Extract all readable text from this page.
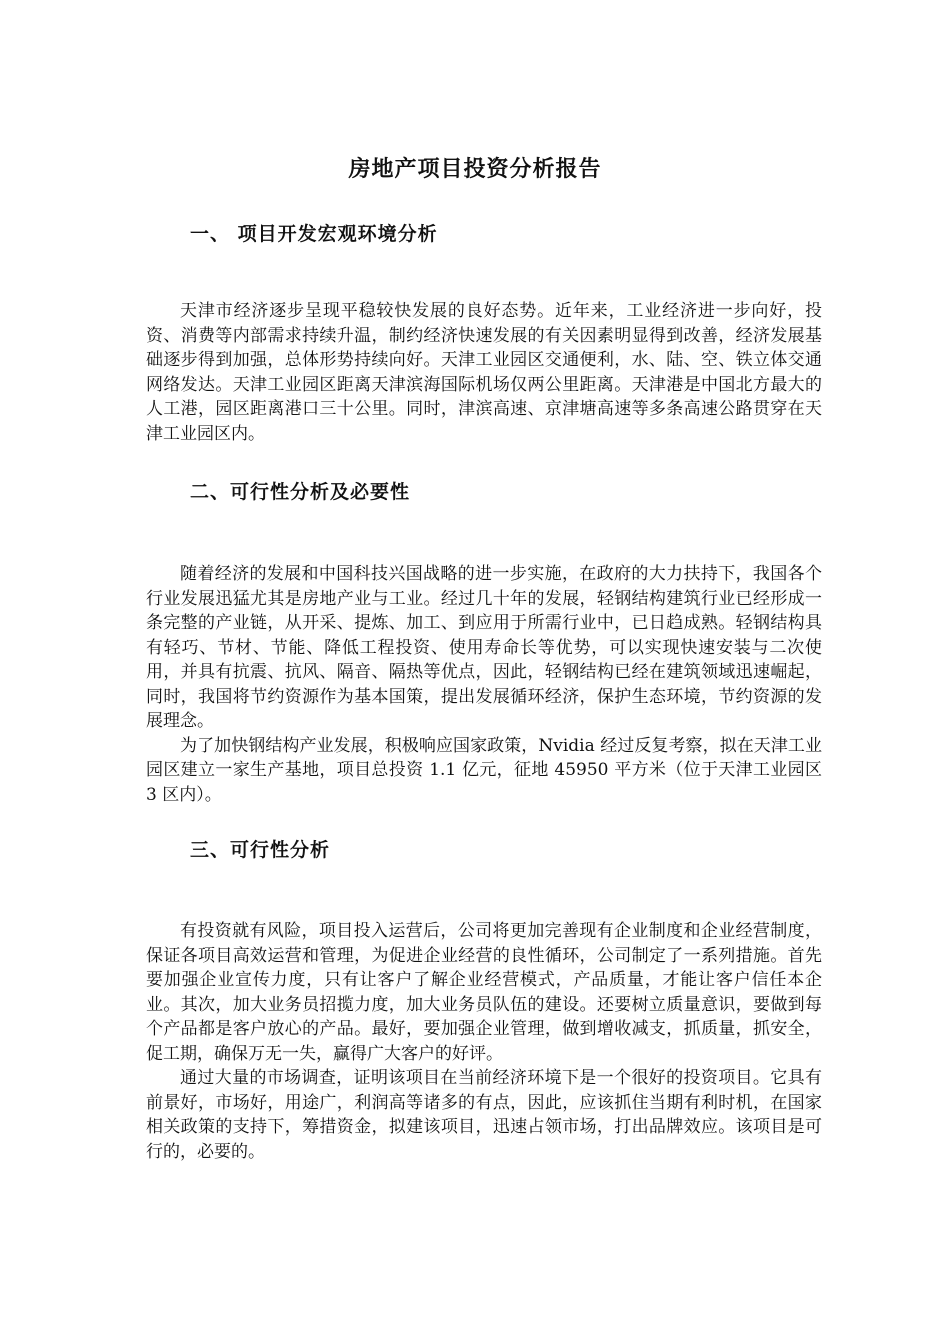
房地产项目投资分析报告
一、 项目开发宏观环境分析

天津市经济逐步呈现平稳较快发展的良好态势。近年来，工业经济进一步向好，投资、消费等内部需求持续升温，制约经济快速发展的有关因素明显得到改善，经济发展基础逐步得到加强，总体形势持续向好。天津工业园区交通便利，水、陆、空、铁立体交通网络发达。天津工业园区距离天津滨海国际机场仅两公里距离。天津港是中国北方最大的人工港，园区距离港口三十公里。同时，津滨高速、京津塘高速等多条高速公路贯穿在天津工业园区内。

二、可行性分析及必要性

随着经济的发展和中国科技兴国战略的进一步实施，在政府的大力扶持下，我国各个行业发展迅猛尤其是房地产业与工业。经过几十年的发展，轻钢结构建筑行业已经形成一条完整的产业链，从开采、提炼、加工、到应用于所需行业中，已日趋成熟。轻钢结构具有轻巧、节材、节能、降低工程投资、使用寿命长等优势，可以实现快速安装与二次使用，并具有抗震、抗风、隔音、隔热等优点，因此，轻钢结构已经在建筑领域迅速崛起，同时，我国将节约资源作为基本国策，提出发展循环经济，保护生态环境，节约资源的发展理念。

为了加快钢结构产业发展，积极响应国家政策，Nvidia 经过反复考察，拟在天津工业园区建立一家生产基地，项目总投资 1.1 亿元，征地 45950 平方米（位于天津工业园区 3 区内）。

三、可行性分析

有投资就有风险，项目投入运营后，公司将更加完善现有企业制度和企业经营制度，保证各项目高效运营和管理，为促进企业经营的良性循环，公司制定了一系列措施。首先要加强企业宣传力度，只有让客户了解企业经营模式，产品质量，才能让客户信任本企业。其次，加大业务员招揽力度，加大业务员队伍的建设。还要树立质量意识，要做到每个产品都是客户放心的产品。最好，要加强企业管理，做到增收减支，抓质量，抓安全，促工期，确保万无一失，赢得广大客户的好评。

通过大量的市场调查，证明该项目在当前经济环境下是一个很好的投资项目。它具有前景好，市场好，用途广，利润高等诸多的有点，因此，应该抓住当期有利时机，在国家相关政策的支持下，筹措资金，拟建该项目，迅速占领市场，打出品牌效应。该项目是可行的，必要的。
